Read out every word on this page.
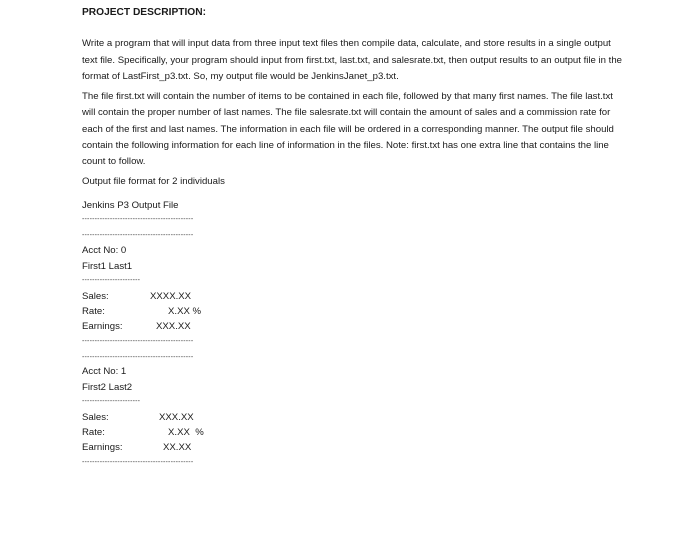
PROJECT DESCRIPTION:

Write a program that will input data from three input text files then compile data, calculate, and store results in a single output text file. Specifically, your program should input from first.txt, last.txt, and salesrate.txt, then output results to an output file in the format of LastFirst_p3.txt. So, my output file would be JenkinsJanet_p3.txt.

The file first.txt will contain the number of items to be contained in each file, followed by that many first names. The file last.txt will contain the proper number of last names. The file salesrate.txt will contain the amount of sales and a commission rate for each of the first and last names. The information in each file will be ordered in a corresponding manner. The output file should contain the following information for each line of information in the files. Note: first.txt has one extra line that contains the line count to follow.

Output file format for 2 individuals
Jenkins P3 Output File
--------------------------------------------
--------------------------------------------
Acct No: 0
First1 Last1
-----------------------
Sales:	XXXX.XX
Rate:	X.XX %
Earnings:	XXX.XX
--------------------------------------------
--------------------------------------------
Acct No: 1
First2 Last2
-----------------------
Sales:	XXX.XX
Rate:	X.XX  %
Earnings:	XX.XX
--------------------------------------------
